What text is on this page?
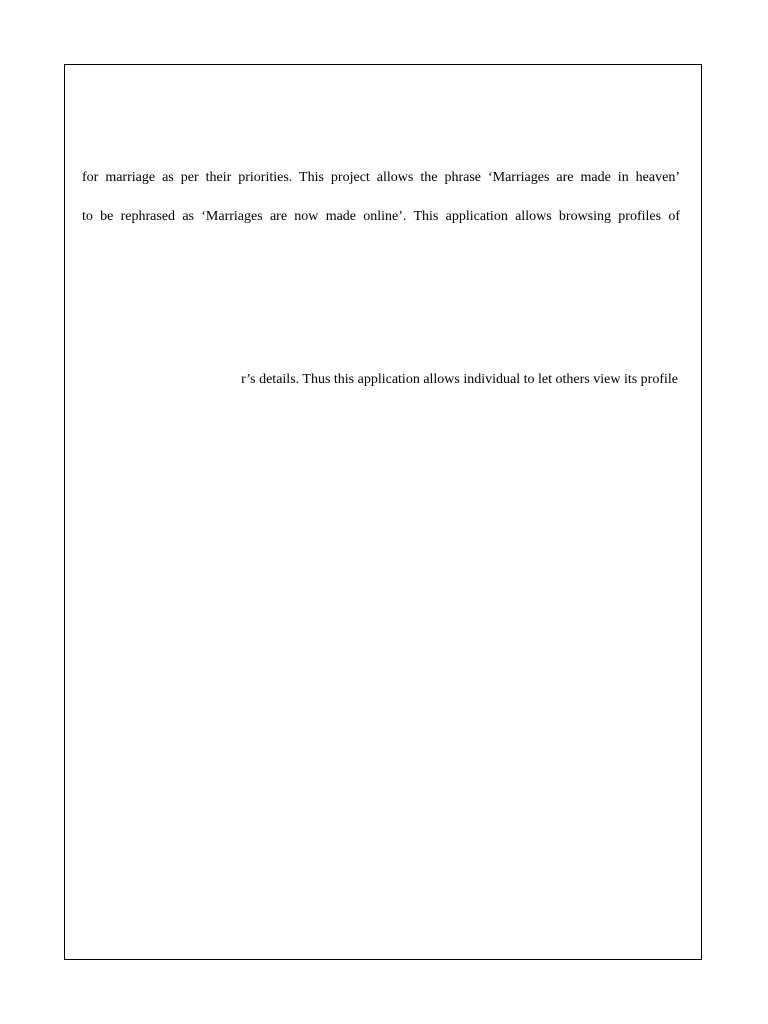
for marriage as per their priorities. This project allows the phrase ‘Marriages are made in heaven’
to be rephrased as ‘Marriages are now made online’. This application allows browsing profiles of
r’s details. Thus this application allows individual to let others view its profile
